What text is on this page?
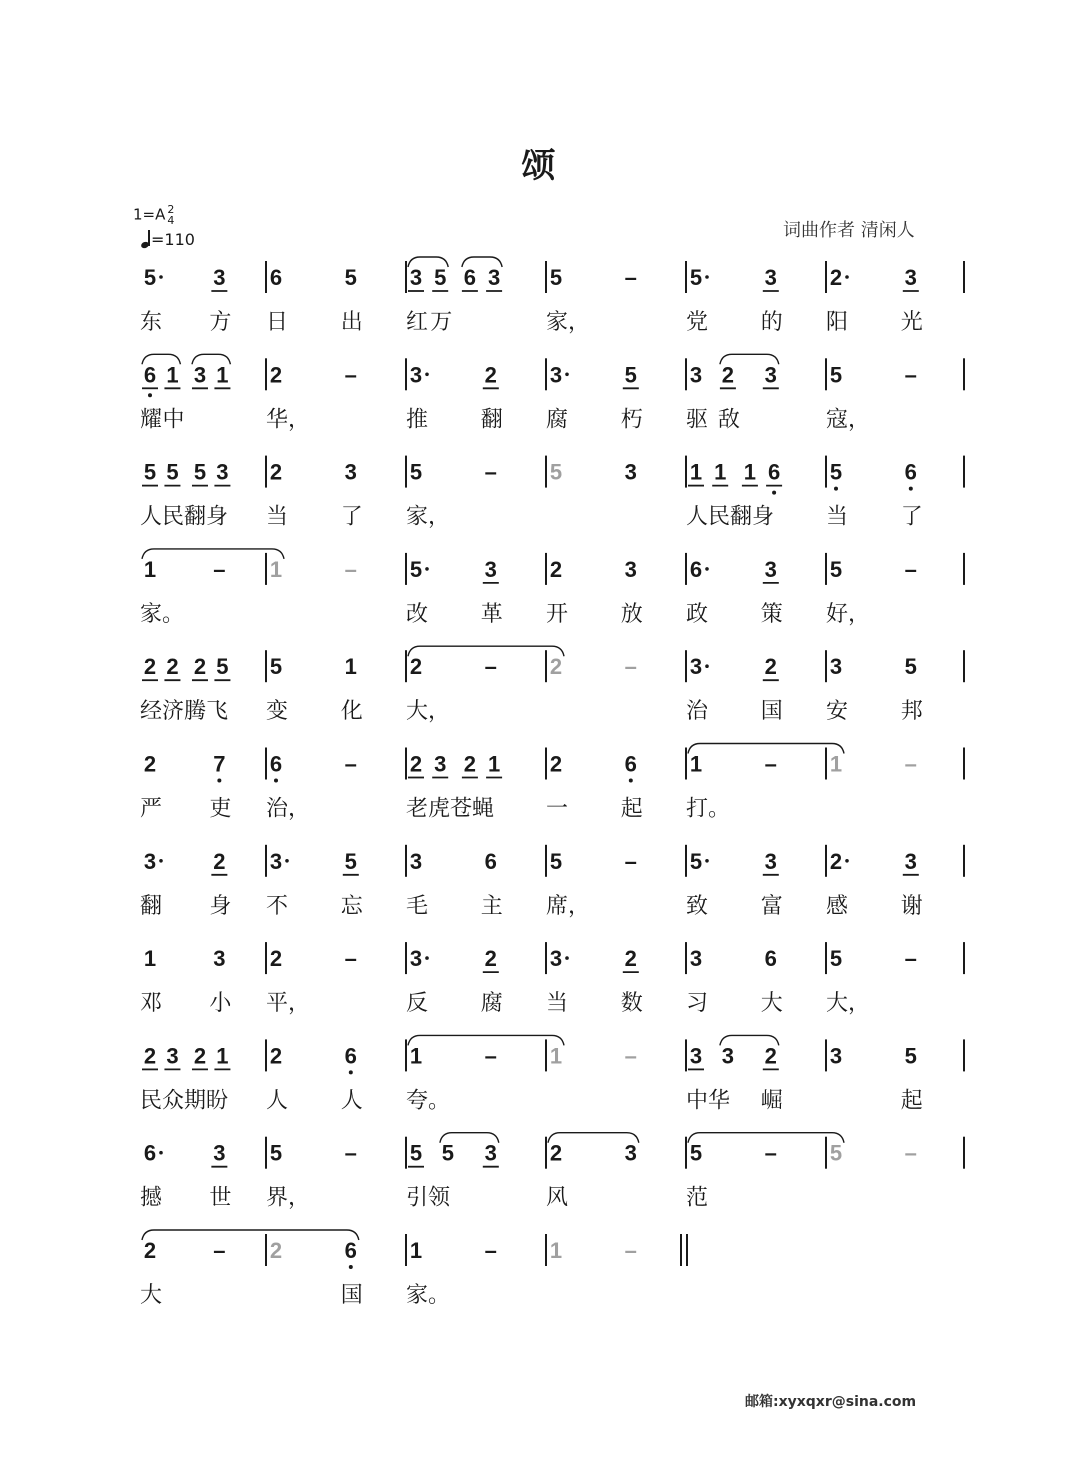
颂
1=A 2
4
=110	词曲作者 清闲人
5	3 6	5 3 5 6 3 5	– 5	3 2	3
东 方 日 出 红 万	家，	党 的 阳 光
6 1 3 1 2	– 3	2 3	5 3 2 3 5	–
耀 中	华，	推 翻 腐 朽 驱 敌	寇，
5 5 5 3 2	3 5	– 5	3 1 1 1 6 5	6
人民翻身 当 了 家，	人民翻身 当 了
1	– 1	– 5	3 2	3 6	3 5	–
家。	改 革 开 放 政 策 好，
2 2 2 5 5	1 2	– 2	– 3	2 3	5
经济腾飞 变 化 大，	治 国 安 邦
2	7 6	– 2 3 2 1 2	6 1	– 1	–
严 吏 治，	老虎苍蝇 一 起 打。
3	2 3	5 3	6 5	– 5	3 2	3
翻 身 不 忘 毛 主 席，	致 富 感 谢
1	3 2	– 3	2 3	2 3	6 5	–
邓 小 平，	反 腐 当 数 习 大 大，
2 3 2 1 2	6 1	– 1	– 3 3 2 3	5
民众期盼 人 人 夸。	中华 崛	起
6	3 5	– 5 5 3 2	3 5	– 5	–
撼 世 界，	引领	风	范
2	– 2	6 1	– 1	–
大	国 家。
邮箱:xyxqxr@sina.com
